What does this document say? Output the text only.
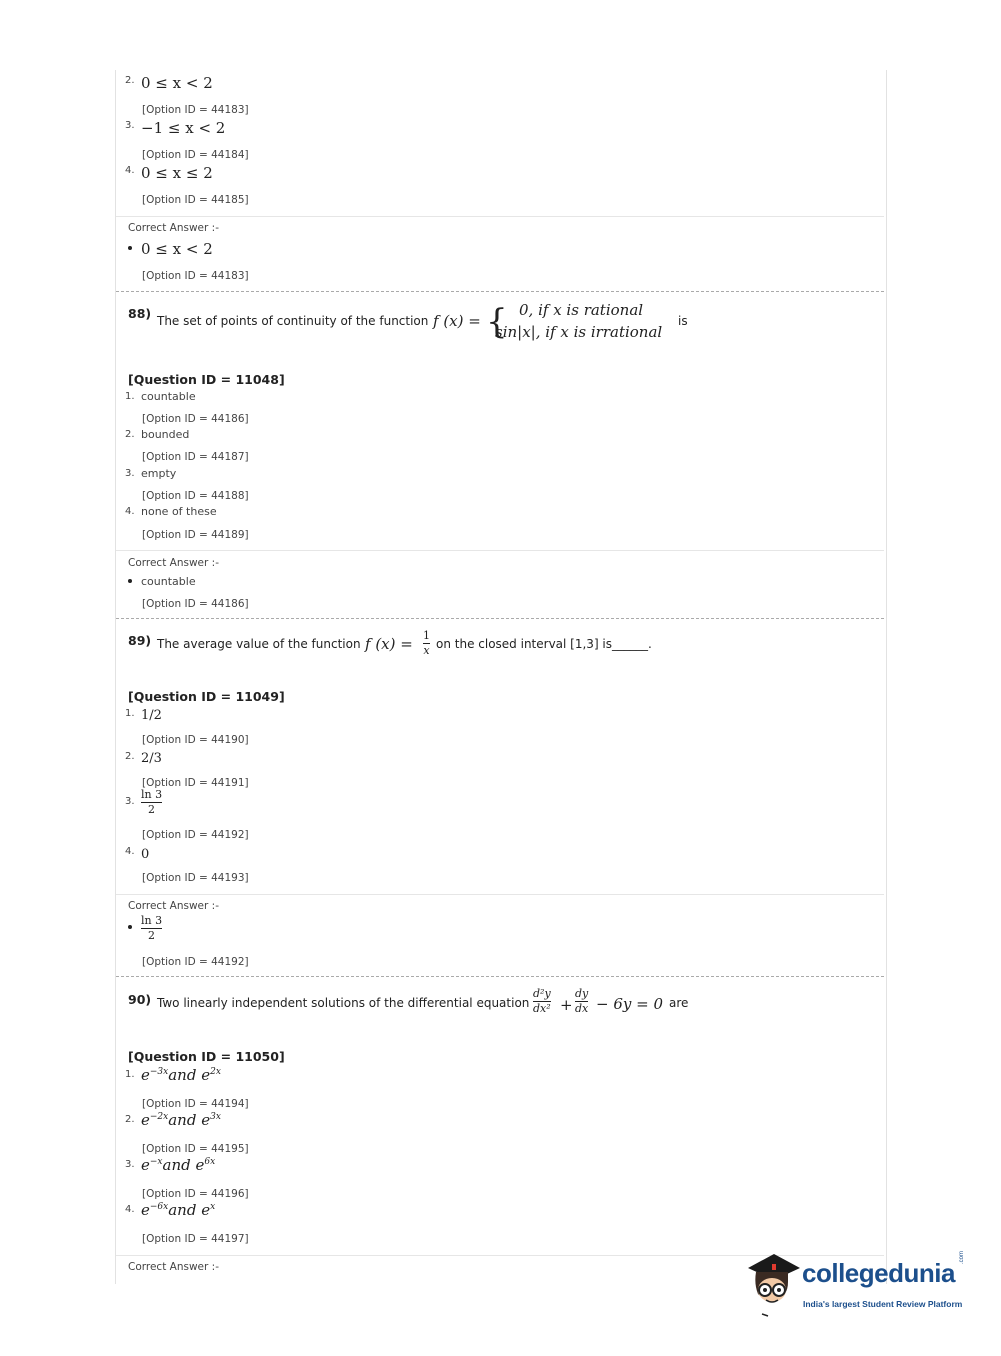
2. 0 ≤ x < 2
[Option ID = 44183]
3. −1 ≤ x < 2
[Option ID = 44184]
4. 0 ≤ x ≤ 2
[Option ID = 44185]
Correct Answer :-
0 ≤ x < 2
[Option ID = 44183]
88) The set of points of continuity of the function f (x) = { 0, if x is rational
sin|x|, if x is irrational
is
[Question ID = 11048]
1. countable
[Option ID = 44186]
2. bounded
[Option ID = 44187]
3. empty
[Option ID = 44188]
4. none of these
[Option ID = 44189]
Correct Answer :-
countable
[Option ID = 44186]
89) The average value of the function f (x) = 1
x on the closed interval [1,3] is______.
[Question ID = 11049]
1. 1/2
[Option ID = 44190]
2. 2/3
[Option ID = 44191]
3.
ln 3
2
[Option ID = 44192]
4. 0
[Option ID = 44193]
Correct Answer :-
ln 3
2
[Option ID = 44192]
90) Two linearly independent solutions of the differential equation
d²y
dx² +
dy
dx − 6y = 0 are
[Question ID = 11050]
1. $e^{-3x}and$ $e^{2x}$
[Option ID = 44194]
2. $e^{-2x}and$ $e^{3x}$
[Option ID = 44195]
3. $e^{-x}and$ $e^{6x}$
[Option ID = 44196]
4. $e^{-6x}and$ $e^x$
[Option ID = 44197]
Correct Answer :-	collegedunia
.com
India's largest Student Review Platform
